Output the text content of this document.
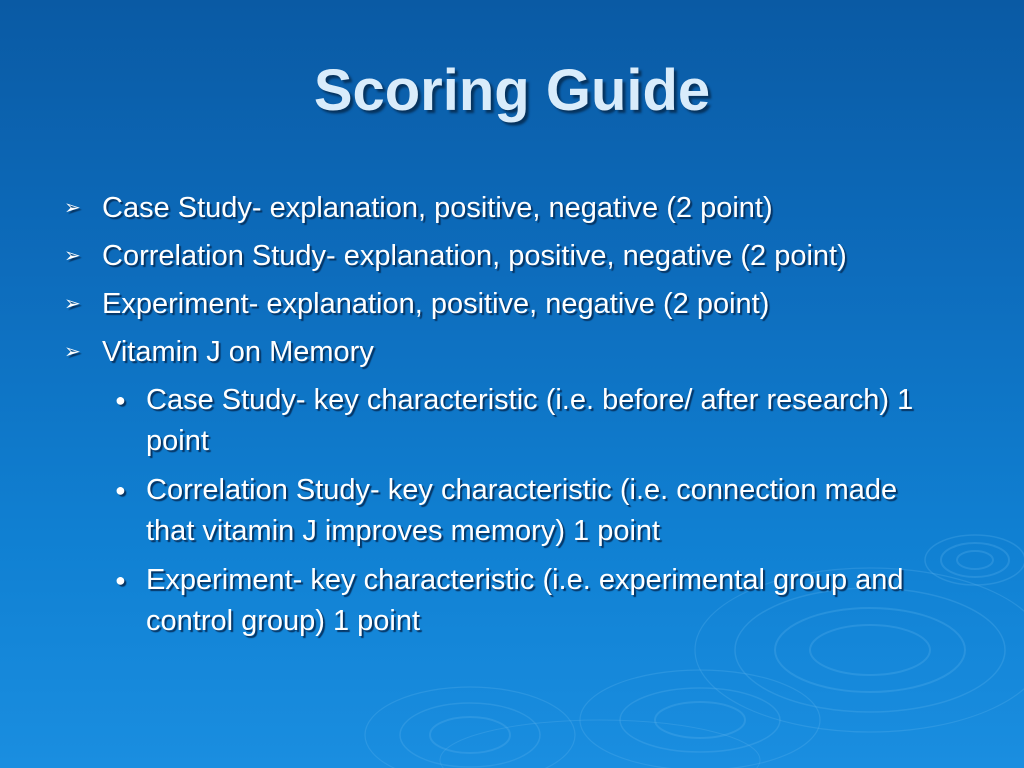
Scoring Guide
➢ Case Study- explanation, positive, negative (2 point)
➢ Correlation Study- explanation, positive, negative (2 point)
➢ Experiment- explanation, positive, negative (2 point)
➢ Vitamin J on Memory
● Case Study- key characteristic (i.e. before/ after research) 1 point
● Correlation Study- key characteristic (i.e. connection made that vitamin J improves memory) 1 point
● Experiment- key characteristic (i.e. experimental group and control group) 1 point
